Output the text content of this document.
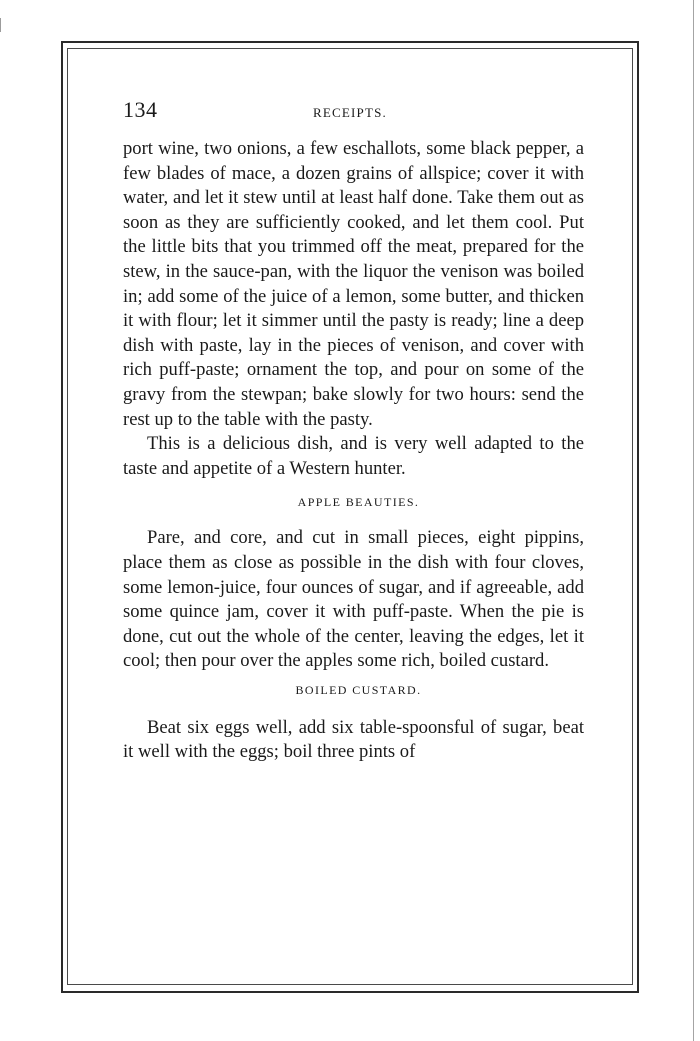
134	RECEIPTS.

port wine, two onions, a few eschallots, some black pepper, a few blades of mace, a dozen grains of allspice; cover it with water, and let it stew until at least half done. Take them out as soon as they are sufficiently cooked, and let them cool. Put the little bits that you trimmed off the meat, prepared for the stew, in the sauce-pan, with the liquor the venison was boiled in; add some of the juice of a lemon, some butter, and thicken it with flour; let it simmer until the pasty is ready; line a deep dish with paste, lay in the pieces of venison, and cover with rich puff-paste; ornament the top, and pour on some of the gravy from the stewpan; bake slowly for two hours: send the rest up to the table with the pasty.

This is a delicious dish, and is very well adapted to the taste and appetite of a Western hunter.

APPLE BEAUTIES.

Pare, and core, and cut in small pieces, eight pippins, place them as close as possible in the dish with four cloves, some lemon-juice, four ounces of sugar, and if agreeable, add some quince jam, cover it with puff-paste. When the pie is done, cut out the whole of the center, leaving the edges, let it cool; then pour over the apples some rich, boiled custard.

BOILED CUSTARD.

Beat six eggs well, add six table-spoonsful of sugar, beat it well with the eggs; boil three pints of
